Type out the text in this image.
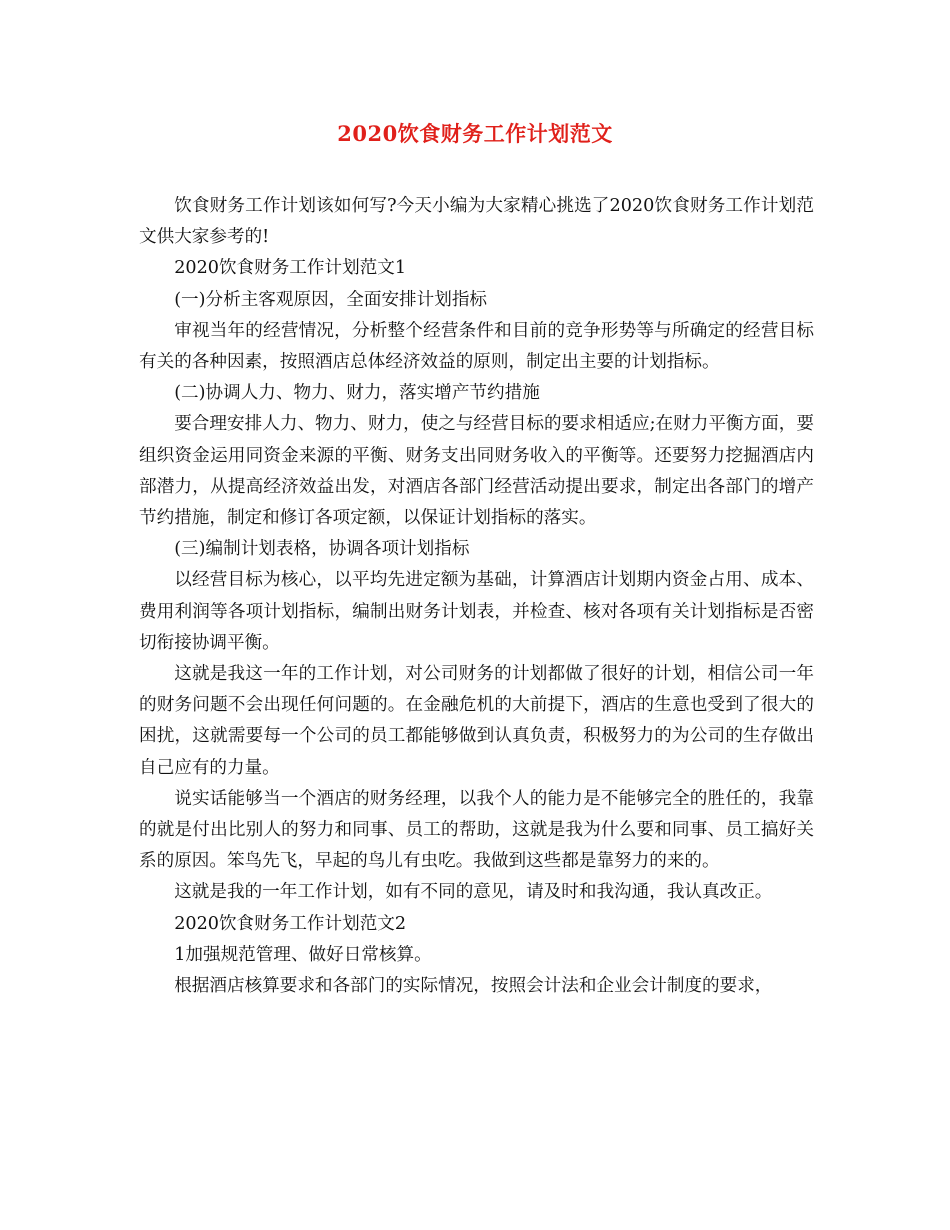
2020饮食财务工作计划范文

饮食财务工作计划该如何写?今天小编为大家精心挑选了2020饮食财务工作计划范文供大家参考的!

2020饮食财务工作计划范文1

(一)分析主客观原因，全面安排计划指标

审视当年的经营情况，分析整个经营条件和目前的竞争形势等与所确定的经营目标有关的各种因素，按照酒店总体经济效益的原则，制定出主要的计划指标。

(二)协调人力、物力、财力，落实增产节约措施

要合理安排人力、物力、财力，使之与经营目标的要求相适应;在财力平衡方面，要组织资金运用同资金来源的平衡、财务支出同财务收入的平衡等。还要努力挖掘酒店内部潜力，从提高经济效益出发，对酒店各部门经营活动提出要求，制定出各部门的增产节约措施，制定和修订各项定额，以保证计划指标的落实。

(三)编制计划表格，协调各项计划指标

以经营目标为核心，以平均先进定额为基础，计算酒店计划期内资金占用、成本、费用利润等各项计划指标，编制出财务计划表，并检查、核对各项有关计划指标是否密切衔接协调平衡。

这就是我这一年的工作计划，对公司财务的计划都做了很好的计划，相信公司一年的财务问题不会出现任何问题的。在金融危机的大前提下，酒店的生意也受到了很大的困扰，这就需要每一个公司的员工都能够做到认真负责，积极努力的为公司的生存做出自己应有的力量。

说实话能够当一个酒店的财务经理，以我个人的能力是不能够完全的胜任的，我靠的就是付出比别人的努力和同事、员工的帮助，这就是我为什么要和同事、员工搞好关系的原因。笨鸟先飞，早起的鸟儿有虫吃。我做到这些都是靠努力的来的。

这就是我的一年工作计划，如有不同的意见，请及时和我沟通，我认真改正。

2020饮食财务工作计划范文2

1加强规范管理、做好日常核算。

根据酒店核算要求和各部门的实际情况，按照会计法和企业会计制度的要求，
